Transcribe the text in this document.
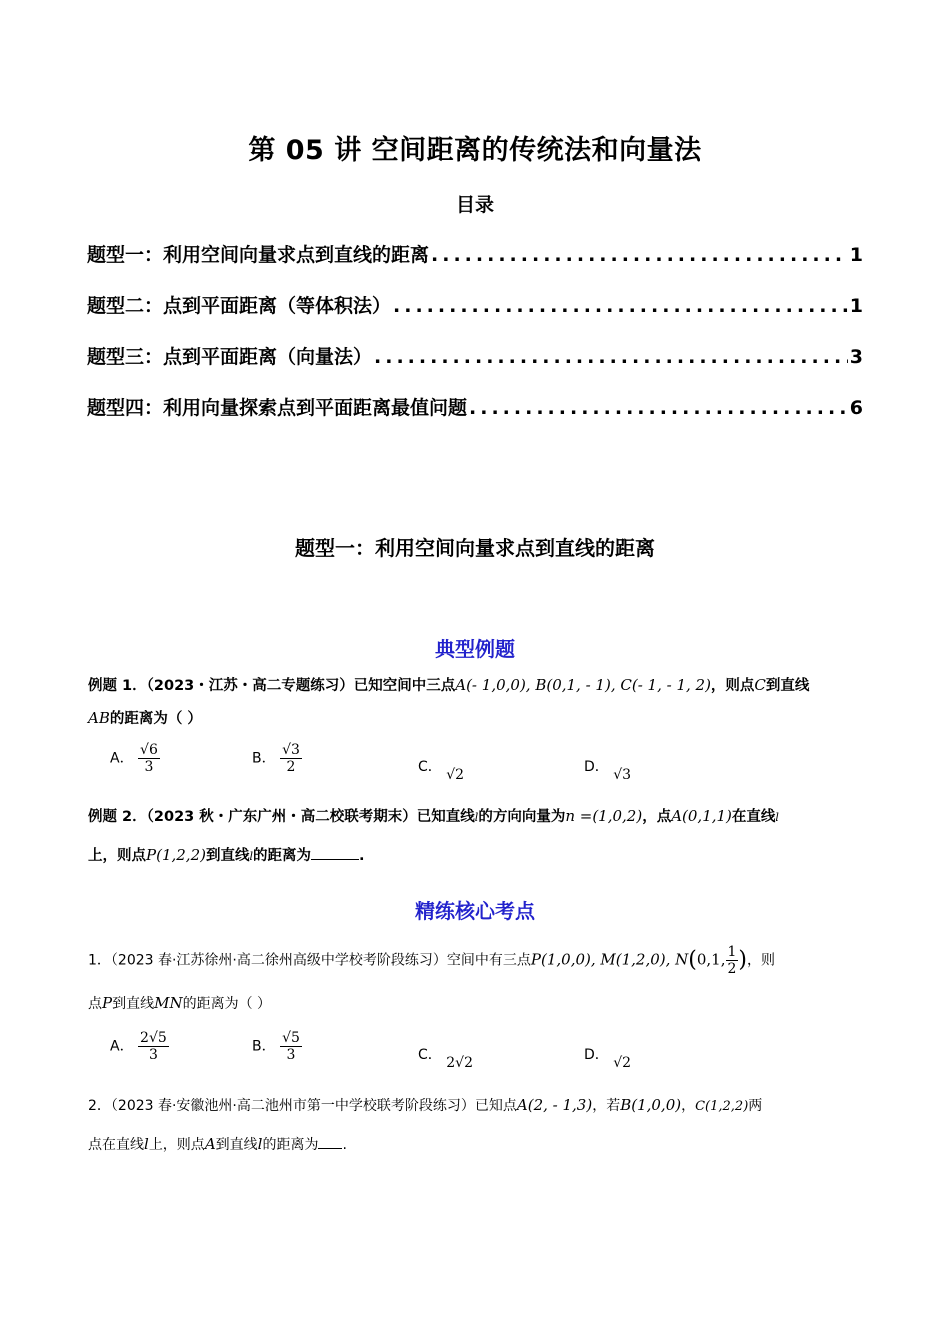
第 05 讲 空间距离的传统法和向量法
目录
题型一：利用空间向量求点到直线的距离 .....	1
题型二：点到平面距离（等体积法） .....	1
题型三：点到平面距离（向量法） .....	3
题型四：利用向量探索点到平面距离最值问题 .....	6
题型一：利用空间向量求点到直线的距离
典型例题
例题 1．（2023・江苏・高二专题练习）已知空间中三点A(- 1,0,0), B(0,1, - 1), C(- 1, - 1, 2)，则点C到直线
AB的距离为（ ）
A． $\frac{√6}{3}$	B． $\frac{√3}{2}$	C． √2	D． √3
例题 2．（2023 秋・广东广州・高二校联考期末）已知直线l的方向向量为n =(1,0,2)，点A(0,1,1)在直线l
上，则点P(1,2,2)到直线l的距离为	.
精练核心考点
1．（2023 春·江苏徐州·高二徐州高级中学校考阶段练习）空间中有三点P(1,0,0), M(1,2,0), N(0,1, $\frac{1}{2}$ )，则
点P到直线MN的距离为（ ）
A． $\frac{2√5}{3}$	B． $\frac{√5}{3}$	C． 2√2	D． √2
2．（2023 春·安徽池州·高二池州市第一中学校联考阶段练习）已知点A(2, - 1,3)，若B(1,0,0)，C(1,2,2)两
点在直线l上，则点A到直线l的距离为 .
